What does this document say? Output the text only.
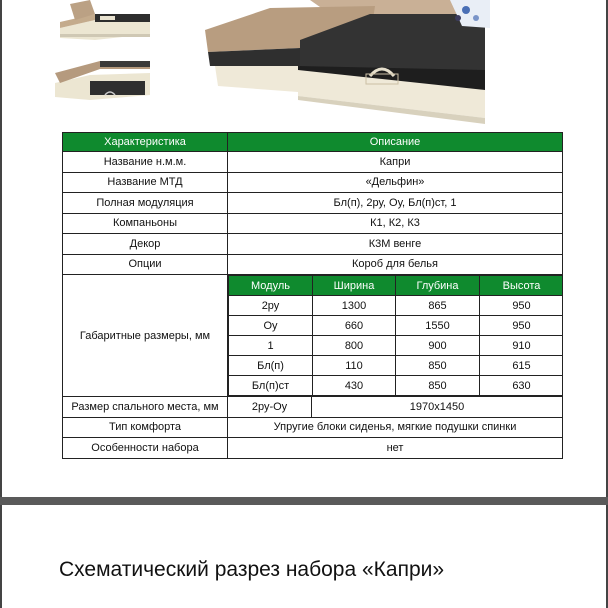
Характеристика	Описание
Название н.м.м.	Капри
Название МТД	«Дельфин»
Полная модуляция	Бл(п), 2ру, Оу, Бл(п)ст, 1
Компаньоны	К1, К2, К3
Декор	К3М венге
Опции	Короб для белья
Габаритные размеры, мм	
Модуль	Ширина	Глубина	Высота
2ру	1300	865	950
Оу	660	1550	950
1	800	900	910
Бл(п)	110	850	615
Бл(п)ст	430	850	630

Размер спального места, мм	2ру-Оу	1970х1450
Тип комфорта	Упругие блоки сиденья, мягкие подушки спинки
Особенности набора	нет
Схематический разрез набора «Капри»
